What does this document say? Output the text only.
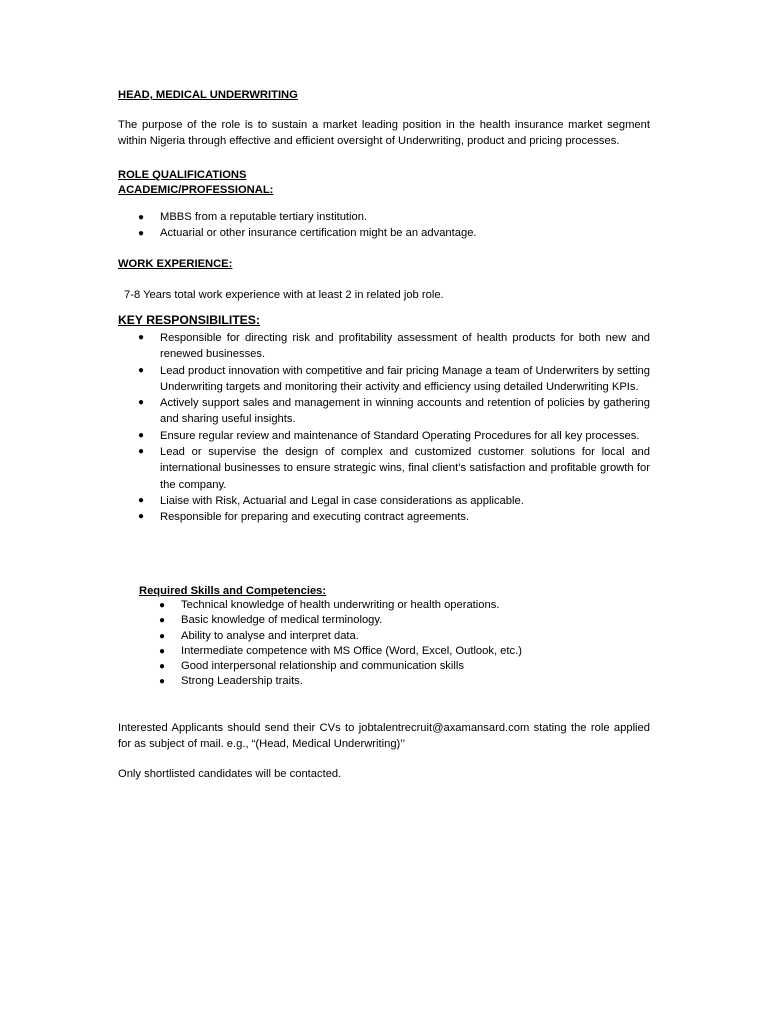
HEAD, MEDICAL UNDERWRITING

The purpose of the role is to sustain a market leading position in the health insurance market segment within Nigeria through effective and efficient oversight of Underwriting, product and pricing processes.

ROLE QUALIFICATIONS

ACADEMIC/PROFESSIONAL:

● MBBS from a reputable tertiary institution.
● Actuarial or other insurance certification might be an advantage.

WORK EXPERIENCE:

7-8 Years total work experience with at least 2 in related job role.

KEY RESPONSIBILITES:

● Responsible for directing risk and profitability assessment of health products for both new and renewed businesses.
● Lead product innovation with competitive and fair pricing Manage a team of Underwriters by setting Underwriting targets and monitoring their activity and efficiency using detailed Underwriting KPIs.
● Actively support sales and management in winning accounts and retention of policies by gathering and sharing useful insights.
● Ensure regular review and maintenance of Standard Operating Procedures for all key processes.
● Lead or supervise the design of complex and customized customer solutions for local and international businesses to ensure strategic wins, final client’s satisfaction and profitable growth for the company.
● Liaise with Risk, Actuarial and Legal in case considerations as applicable.
● Responsible for preparing and executing contract agreements.

Required Skills and Competencies:

● Technical knowledge of health underwriting or health operations.
● Basic knowledge of medical terminology.
● Ability to analyse and interpret data.
● Intermediate competence with MS Office (Word, Excel, Outlook, etc.)
● Good interpersonal relationship and communication skills
● Strong Leadership traits.

Interested Applicants should send their CVs to jobtalentrecruit@axamansard.com stating the role applied for as subject of mail. e.g., “(Head, Medical Underwriting)’’

Only shortlisted candidates will be contacted.
